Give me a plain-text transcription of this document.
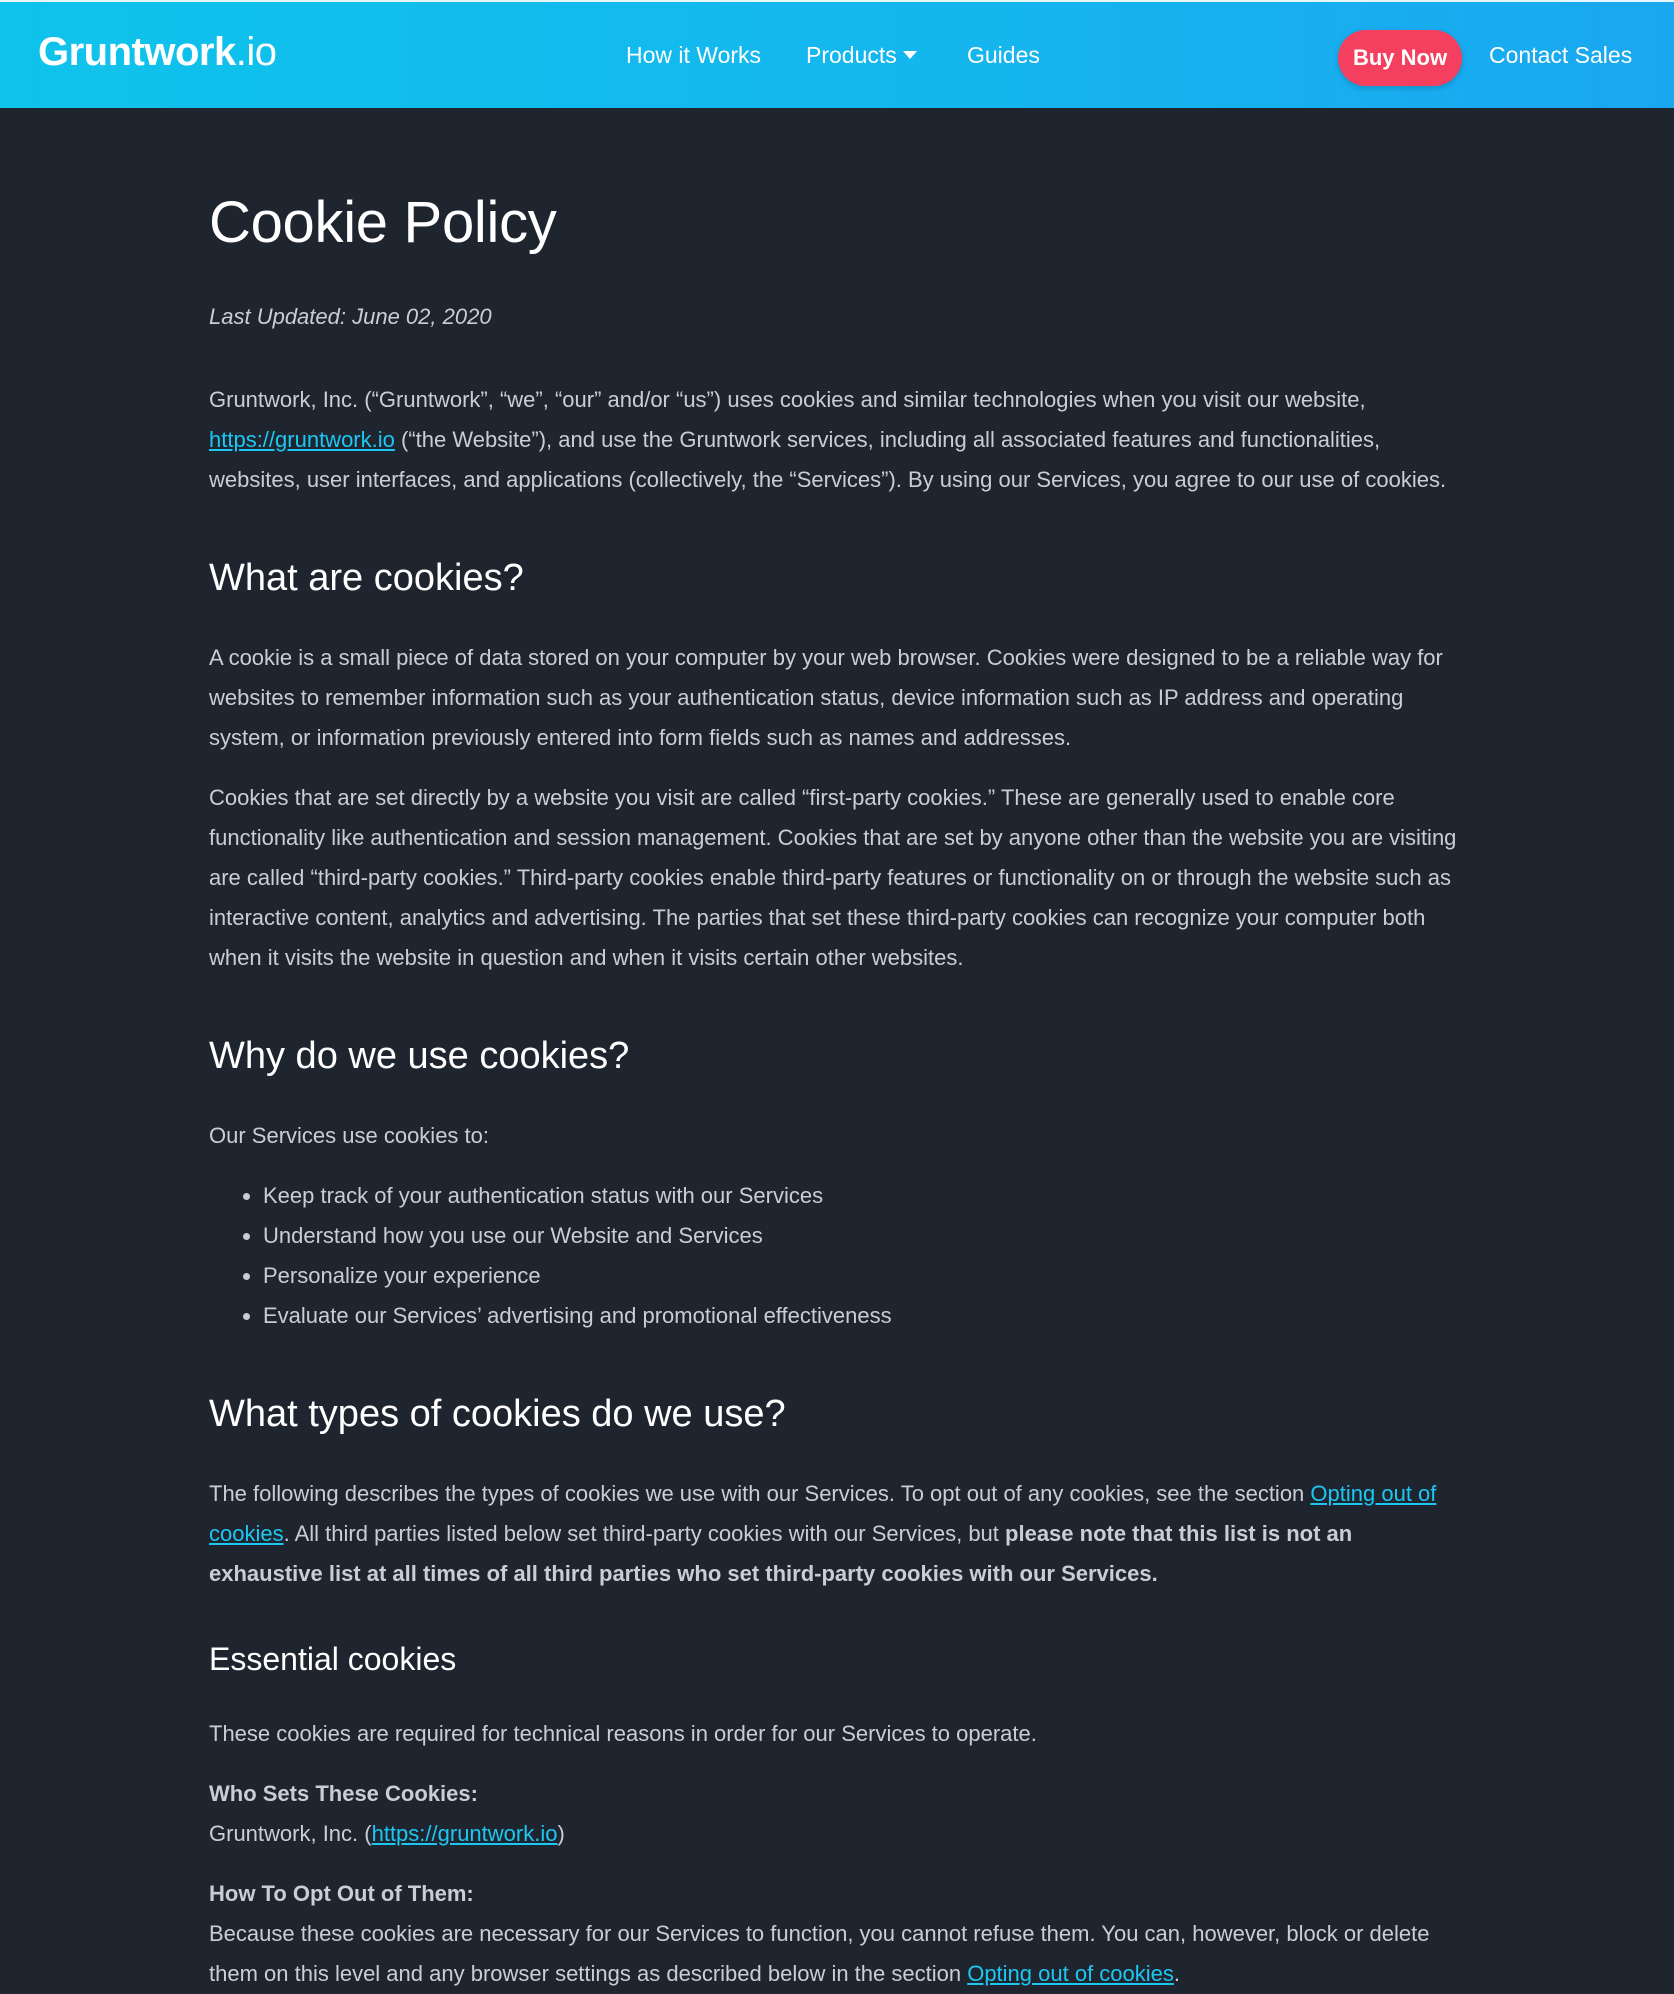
Gruntwork.io	How it Works Products	Guides	Buy Now	Contact Sales
Cookie Policy
Last Updated: June 02, 2020

Gruntwork, Inc. (“Gruntwork”, “we”, “our” and/or “us”) uses cookies and similar technologies when you visit our website, https://gruntwork.io (“the Website”), and use the Gruntwork services, including all associated features and functionalities, websites, user interfaces, and applications (collectively, the “Services”). By using our Services, you agree to our use of cookies.

What are cookies?

A cookie is a small piece of data stored on your computer by your web browser. Cookies were designed to be a reliable way for websites to remember information such as your authentication status, device information such as IP address and operating system, or information previously entered into form fields such as names and addresses.

Cookies that are set directly by a website you visit are called “first-party cookies.” These are generally used to enable core functionality like authentication and session management. Cookies that are set by anyone other than the website you are visiting are called “third-party cookies.” Third-party cookies enable third-party features or functionality on or through the website such as interactive content, analytics and advertising. The parties that set these third-party cookies can recognize your computer both when it visits the website in question and when it visits certain other websites.

Why do we use cookies?

Our Services use cookies to:

• Keep track of your authentication status with our Services
• Understand how you use our Website and Services
• Personalize your experience
• Evaluate our Services’ advertising and promotional effectiveness
What types of cookies do we use?

The following describes the types of cookies we use with our Services. To opt out of any cookies, see the section Opting out of cookies. All third parties listed below set third-party cookies with our Services, but please note that this list is not an exhaustive list at all times of all third parties who set third-party cookies with our Services.

Essential cookies

These cookies are required for technical reasons in order for our Services to operate.

Who Sets These Cookies:

Gruntwork, Inc. (https://gruntwork.io)

How To Opt Out of Them:

Because these cookies are necessary for our Services to function, you cannot refuse them. You can, however, block or delete them on this level and any browser settings as described below in the section Opting out of cookies.
